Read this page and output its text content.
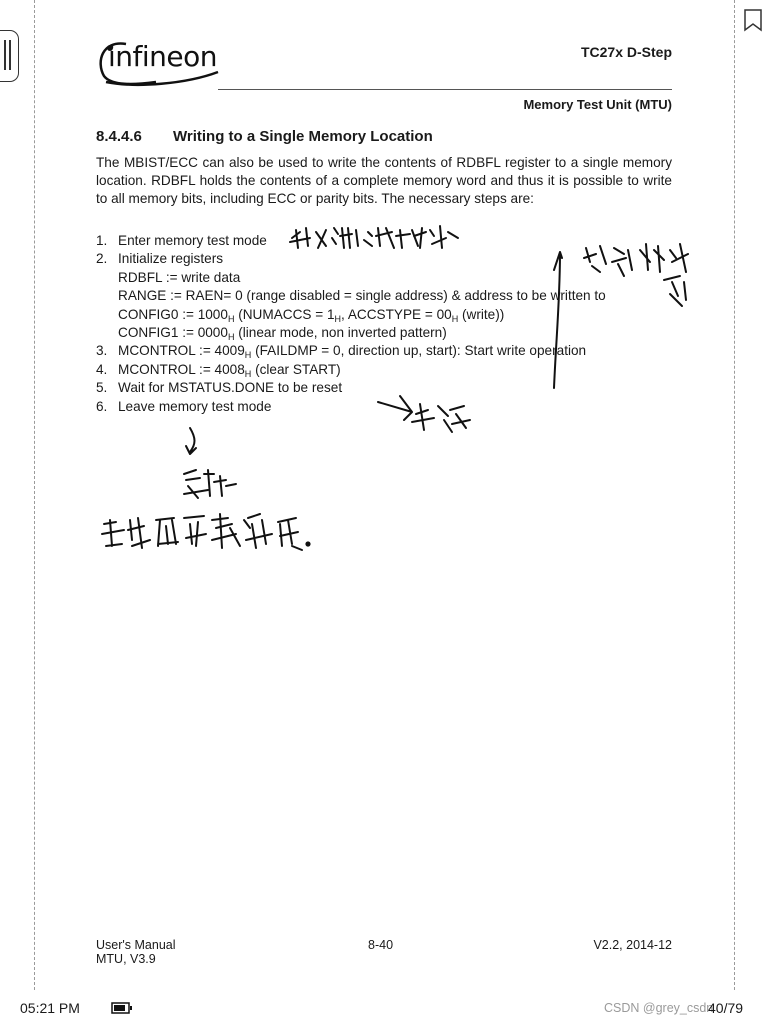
infineon	TC27x D-Step
Memory Test Unit (MTU)
8.4.4.6 Writing to a Single Memory Location
The MBIST/ECC can also be used to write the contents of RDBFL register to a single memory location. RDBFL holds the contents of a complete memory word and thus it is possible to write to all memory bits, including ECC or parity bits. The necessary steps are:
1. Enter memory test mode
2. Initialize registers
RDBFL := write data
RANGE := RAEN= 0 (range disabled = single address) & address to be written to
CONFIG0 := $1000_H$ (NUMACCS = $1_H$, ACCSTYPE = $00_H$ (write))
CONFIG1 := $0000_H$ (linear mode, non inverted pattern)
3. MCONTROL := $4009_H$ (FAILDMP = 0, direction up, start): Start write operation
4. MCONTROL := $4008_H$ (clear START)
5. Wait for MSTATUS.DONE to be reset
6. Leave memory test mode
User's Manual
MTU, V3.9
8-40	V2.2, 2014-12
05:21 PM	CSDN @grey_csdn
40/79
